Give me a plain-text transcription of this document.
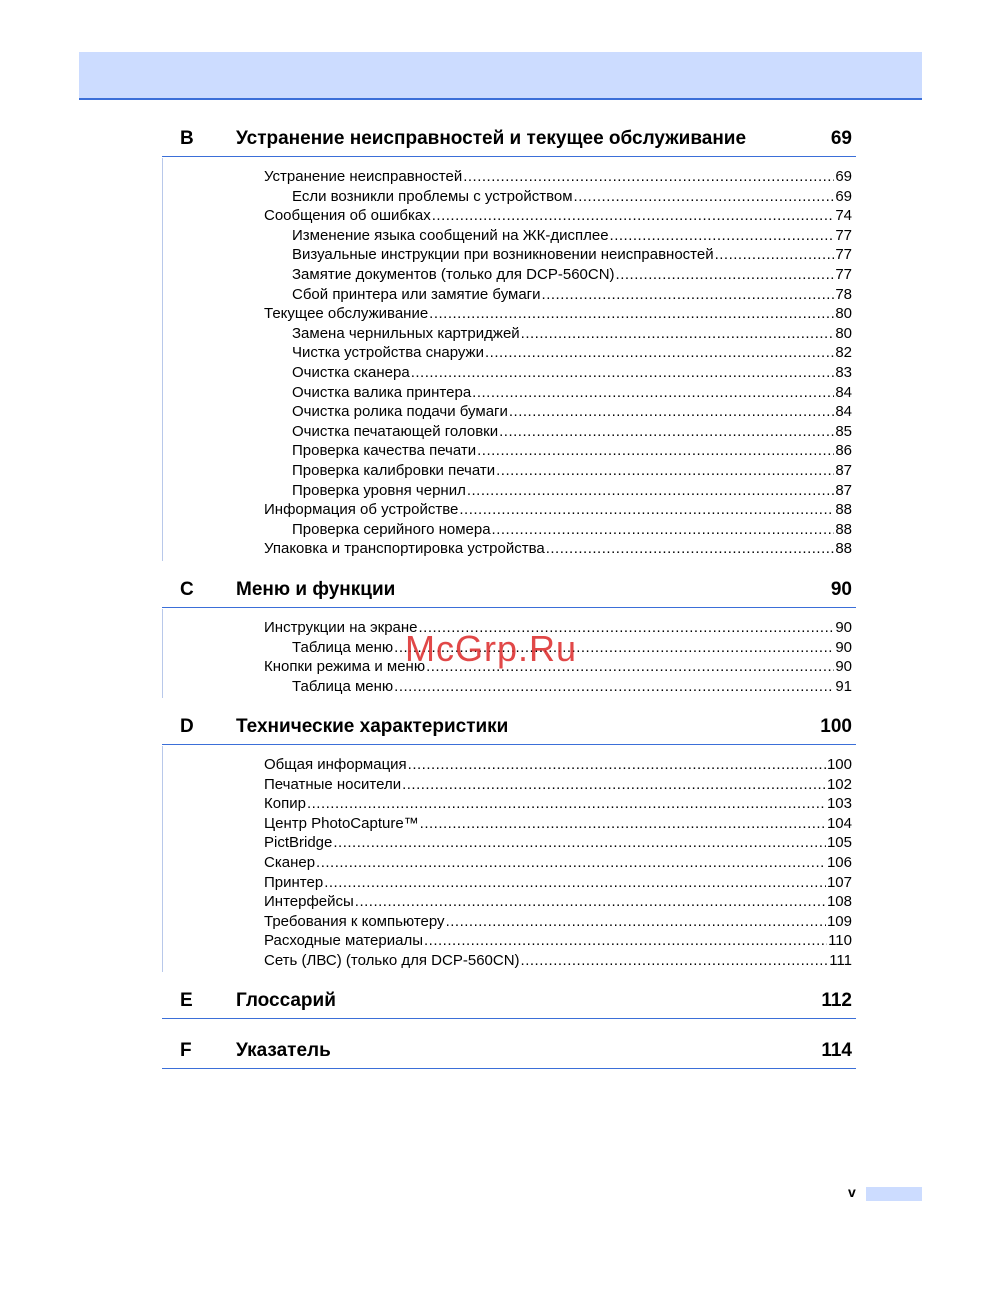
B	Устранение неисправностей и текущее обслуживание	69
Устранение неисправностей .....	69
Если возникли проблемы с устройством .....	69
Сообщения об ошибках .....	74
Изменение языка сообщений на ЖК-дисплее .....	77
Визуальные инструкции при возникновении неисправностей .....	77
Замятие документов (только для DCP-560CN) .....	77
Сбой принтера или замятие бумаги .....	78
Текущее обслуживание .....	80
Замена чернильных картриджей .....	80
Чистка устройства снаружи .....	82
Очистка сканера .....	83
Очистка валика принтера .....	84
Очистка ролика подачи бумаги .....	84
Очистка печатающей головки .....	85
Проверка качества печати .....	86
Проверка калибровки печати .....	87
Проверка уровня чернил .....	87
Информация об устройстве .....	88
Проверка серийного номера .....	88
Упаковка и транспортировка устройства .....	88
C	Меню и функции	90
Инструкции на экране .....	90
Таблица меню .....	90
Кнопки режима и меню .....	90
Таблица меню .....	91
D	Технические характеристики	100
Общая информация .....	100
Печатные носители .....	102
Копир .....	103
Центр PhotoCapture™ .....	104
PictBridge .....	105
Сканер .....	106
Принтер .....	107
Интерфейсы .....	108
Требования к компьютеру .....	109
Расходные материалы .....	110
Сеть (ЛВС) (только для DCP-560CN) .....	111
E	Глоссарий	112
F	Указатель	114
McGrp.Ru
v
